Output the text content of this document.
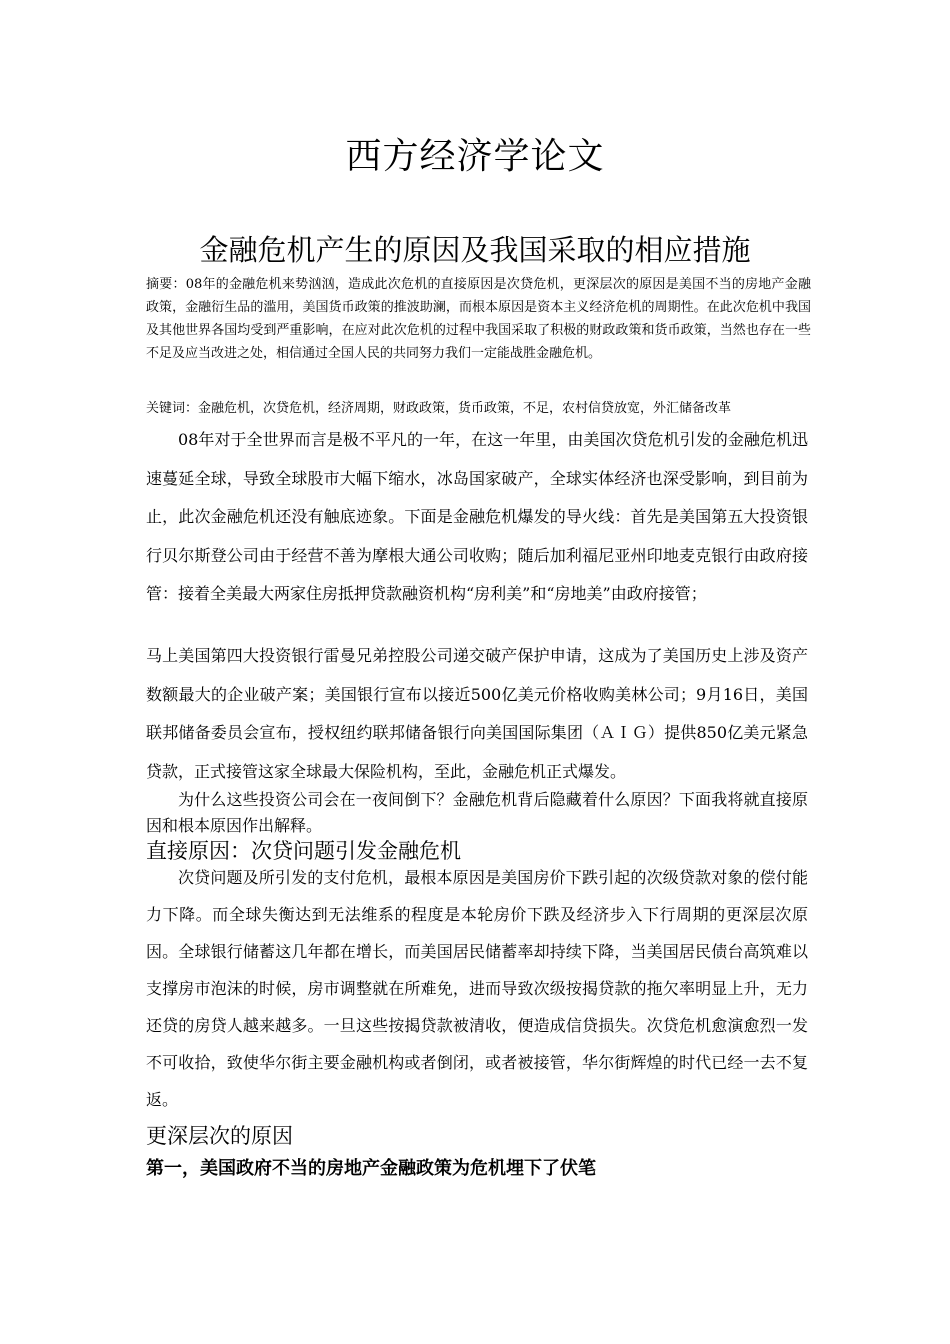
西方经济学论文
金融危机产生的原因及我国采取的相应措施
摘要：08年的金融危机来势汹汹，造成此次危机的直接原因是次贷危机，更深层次的原因是美国不当的房地产金融政策，金融衍生品的滥用，美国货币政策的推波助澜，而根本原因是资本主义经济危机的周期性。在此次危机中我国及其他世界各国均受到严重影响，在应对此次危机的过程中我国采取了积极的财政政策和货币政策，当然也存在一些不足及应当改进之处，相信通过全国人民的共同努力我们一定能战胜金融危机。
关键词：金融危机，次贷危机，经济周期，财政政策，货币政策，不足，农村信贷放宽，外汇储备改革
08年对于全世界而言是极不平凡的一年，在这一年里，由美国次贷危机引发的金融危机迅速蔓延全球，导致全球股市大幅下缩水，冰岛国家破产，全球实体经济也深受影响，到目前为止，此次金融危机还没有触底迹象。下面是金融危机爆发的导火线：首先是美国第五大投资银行贝尔斯登公司由于经营不善为摩根大通公司收购；随后加利福尼亚州印地麦克银行由政府接管：接着全美最大两家住房抵押贷款融资机构“房利美”和“房地美”由政府接管；
马上美国第四大投资银行雷曼兄弟控股公司递交破产保护申请，这成为了美国历史上涉及资产数额最大的企业破产案；美国银行宣布以接近500亿美元价格收购美林公司；9月16日，美国联邦储备委员会宣布，授权纽约联邦储备银行向美国国际集团（ＡＩＧ）提供850亿美元紧急贷款，正式接管这家全球最大保险机构，至此，金融危机正式爆发。
为什么这些投资公司会在一夜间倒下？金融危机背后隐藏着什么原因？下面我将就直接原因和根本原因作出解释。
直接原因：次贷问题引发金融危机
次贷问题及所引发的支付危机，最根本原因是美国房价下跌引起的次级贷款对象的偿付能力下降。而全球失衡达到无法维系的程度是本轮房价下跌及经济步入下行周期的更深层次原因。全球银行储蓄这几年都在增长，而美国居民储蓄率却持续下降，当美国居民债台高筑难以支撑房市泡沫的时候，房市调整就在所难免，进而导致次级按揭贷款的拖欠率明显上升，无力还贷的房贷人越来越多。一旦这些按揭贷款被清收，便造成信贷损失。次贷危机愈演愈烈一发不可收拾，致使华尔街主要金融机构或者倒闭，或者被接管，华尔街辉煌的时代已经一去不复返。
更深层次的原因
第一，美国政府不当的房地产金融政策为危机埋下了伏笔
